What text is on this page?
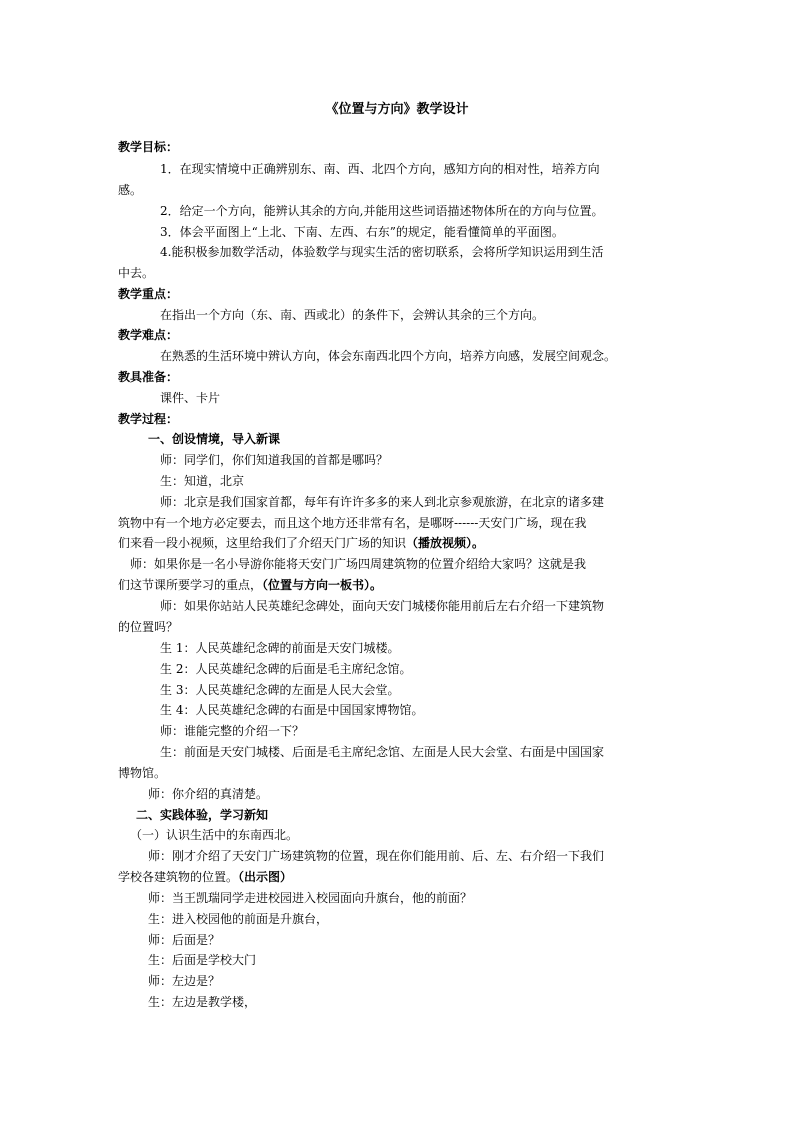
《位置与方向》教学设计
教学目标：
1．在现实情境中正确辨别东、南、西、北四个方向，感知方向的相对性，培养方向
感。
2．给定一个方向，能辨认其余的方向,并能用这些词语描述物体所在的方向与位置。
3．体会平面图上“上北、下南、左西、右东”的规定，能看懂简单的平面图。
4.能积极参加数学活动，体验数学与现实生活的密切联系，会将所学知识运用到生活
中去。
教学重点：
在指出一个方向（东、南、西或北）的条件下，会辨认其余的三个方向。
教学难点：
在熟悉的生活环境中辨认方向，体会东南西北四个方向，培养方向感，发展空间观念。
教具准备：
课件、卡片
教学过程：
一、创设情境，导入新课
师：同学们，你们知道我国的首都是哪吗？
生：知道，北京
师：北京是我们国家首都，每年有许许多多的来人到北京参观旅游，在北京的诸多建
筑物中有一个地方必定要去，而且这个地方还非常有名，是哪呀------天安门广场，现在我
们来看一段小视频，这里给我们了介绍天门广场的知识（播放视频）。
师：如果你是一名小导游你能将天安门广场四周建筑物的位置介绍给大家吗？这就是我
们这节课所要学习的重点，（位置与方向一板书）。
师：如果你站站人民英雄纪念碑处，面向天安门城楼你能用前后左右介绍一下建筑物
的位置吗？
生 1：人民英雄纪念碑的前面是天安门城楼。
生 2：人民英雄纪念碑的后面是毛主席纪念馆。
生 3：人民英雄纪念碑的左面是人民大会堂。
生 4：人民英雄纪念碑的右面是中国国家博物馆。
师：谁能完整的介绍一下？
生：前面是天安门城楼、后面是毛主席纪念馆、左面是人民大会堂、右面是中国国家
博物馆。
师：你介绍的真清楚。
二、实践体验，学习新知
（一）认识生活中的东南西北。
师：刚才介绍了天安门广场建筑物的位置，现在你们能用前、后、左、右介绍一下我们
学校各建筑物的位置。（出示图）
师：当王凯瑞同学走进校园进入校园面向升旗台，他的前面？
生：进入校园他的前面是升旗台，
师：后面是？
生：后面是学校大门
师：左边是？
生：左边是教学楼，
